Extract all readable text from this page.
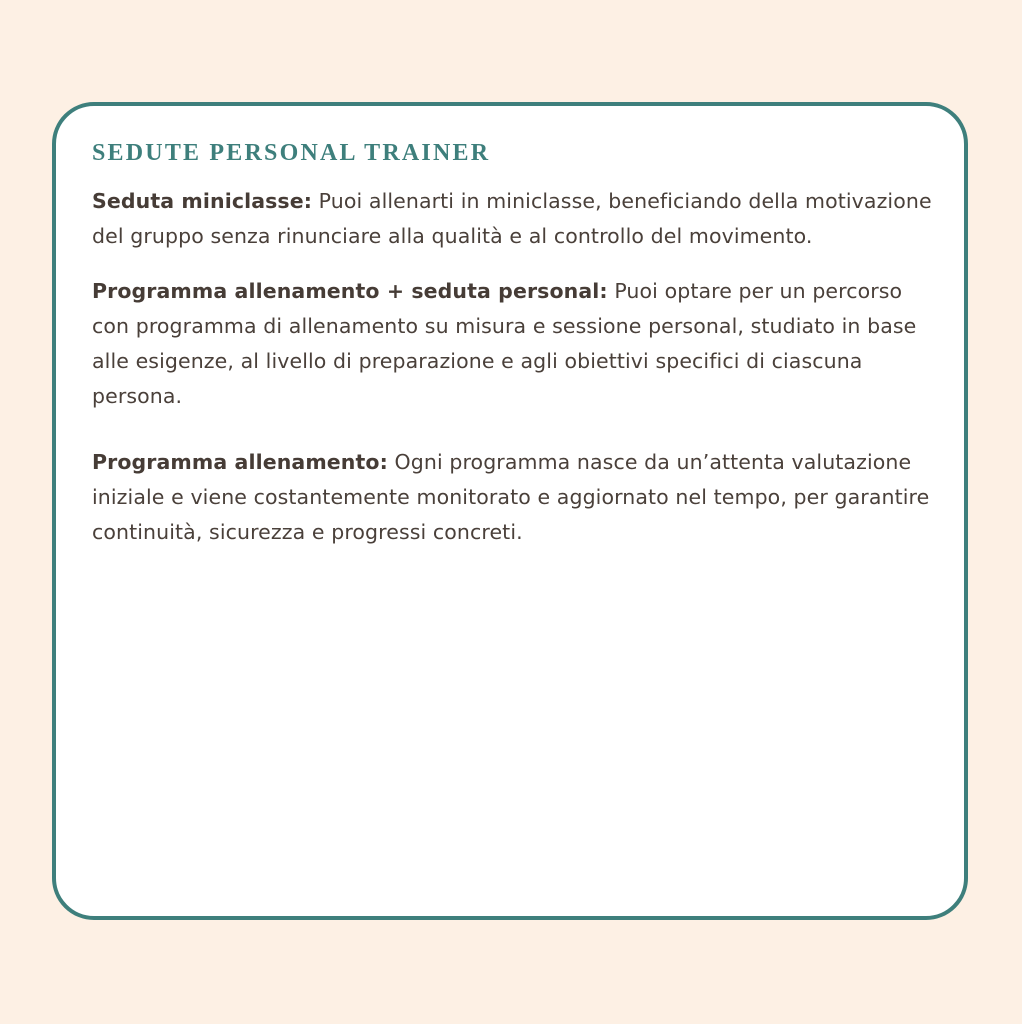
SEDUTE PERSONAL TRAINER

Seduta miniclasse: Puoi allenarti in miniclasse, beneficiando della motivazione del gruppo senza rinunciare alla qualità e al controllo del movimento.

Programma allenamento + seduta personal: Puoi optare per un percorso con programma di allenamento su misura e sessione personal, studiato in base alle esigenze, al livello di preparazione e agli obiettivi specifici di ciascuna persona.

Programma allenamento: Ogni programma nasce da un’attenta valutazione iniziale e viene costantemente monitorato e aggiornato nel tempo, per garantire continuità, sicurezza e progressi concreti.
